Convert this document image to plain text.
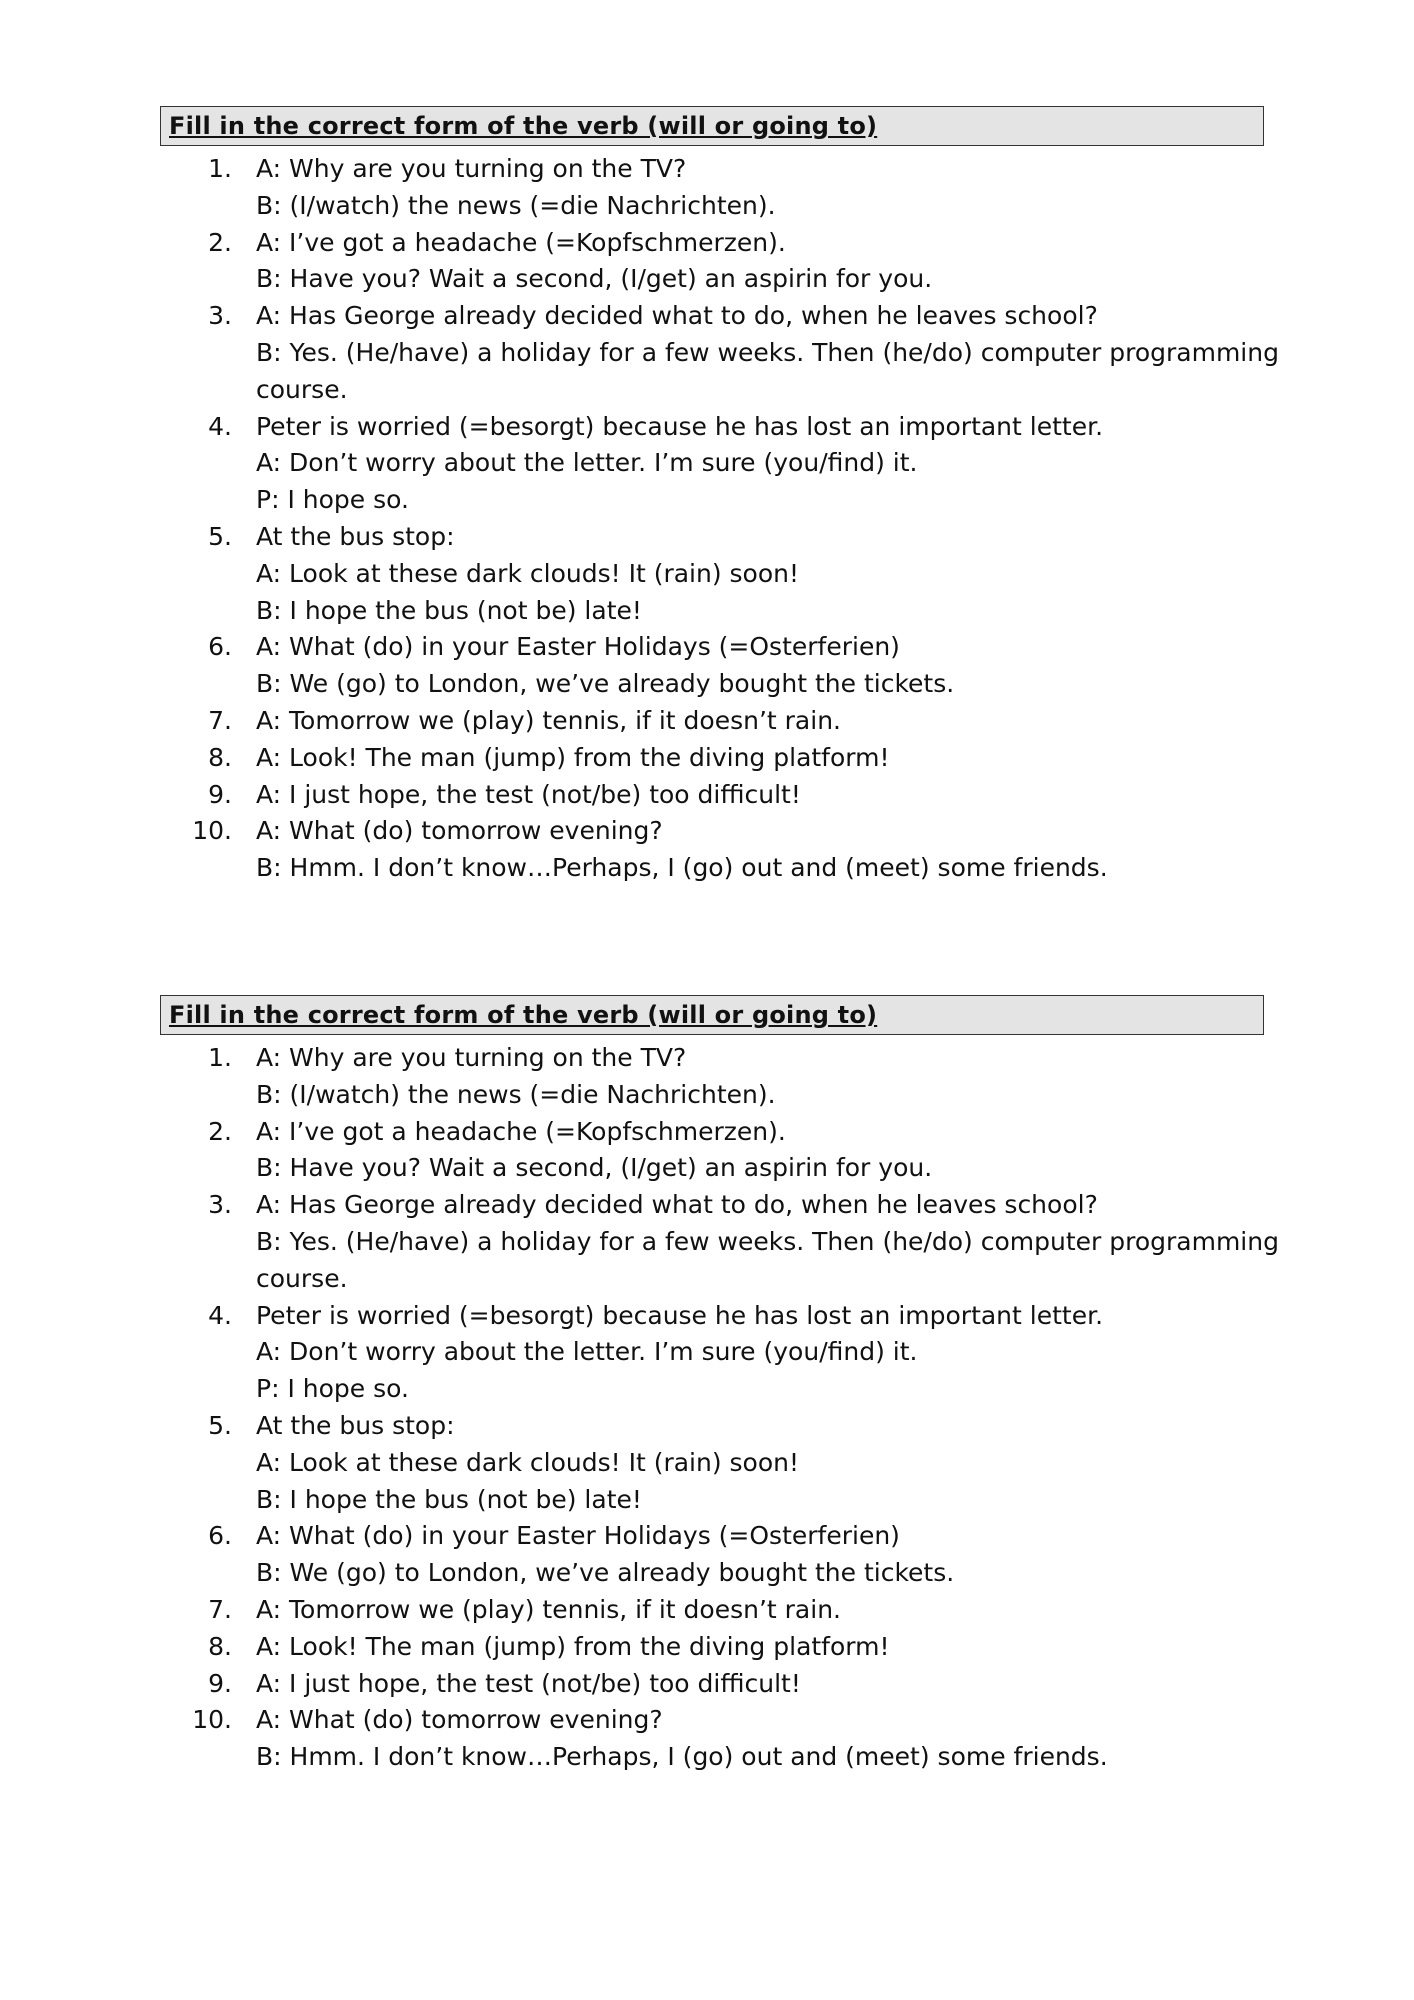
Fill in the correct form of the verb (will or going to)
1. A: Why are you turning on the TV?
B: (I/watch) the news (=die Nachrichten).
2. A: I’ve got a headache (=Kopfschmerzen).
B: Have you? Wait a second, (I/get) an aspirin for you.
3. A: Has George already decided what to do, when he leaves school?
B: Yes. (He/have) a holiday for a few weeks. Then (he/do) computer programming
course.
4. Peter is worried (=besorgt) because he has lost an important letter.
A: Don’t worry about the letter. I’m sure (you/find) it.
P: I hope so.
5. At the bus stop:
A: Look at these dark clouds! It (rain) soon!
B: I hope the bus (not be) late!
6. A: What (do) in your Easter Holidays (=Osterferien)
B: We (go) to London, we’ve already bought the tickets.
7. A: Tomorrow we (play) tennis, if it doesn’t rain.
8. A: Look! The man (jump) from the diving platform!
9. A: I just hope, the test (not/be) too difficult!
10. A: What (do) tomorrow evening?
B: Hmm. I don’t know…Perhaps, I (go) out and (meet) some friends.
Fill in the correct form of the verb (will or going to)
1. A: Why are you turning on the TV?
B: (I/watch) the news (=die Nachrichten).
2. A: I’ve got a headache (=Kopfschmerzen).
B: Have you? Wait a second, (I/get) an aspirin for you.
3. A: Has George already decided what to do, when he leaves school?
B: Yes. (He/have) a holiday for a few weeks. Then (he/do) computer programming
course.
4. Peter is worried (=besorgt) because he has lost an important letter.
A: Don’t worry about the letter. I’m sure (you/find) it.
P: I hope so.
5. At the bus stop:
A: Look at these dark clouds! It (rain) soon!
B: I hope the bus (not be) late!
6. A: What (do) in your Easter Holidays (=Osterferien)
B: We (go) to London, we’ve already bought the tickets.
7. A: Tomorrow we (play) tennis, if it doesn’t rain.
8. A: Look! The man (jump) from the diving platform!
9. A: I just hope, the test (not/be) too difficult!
10. A: What (do) tomorrow evening?
B: Hmm. I don’t know…Perhaps, I (go) out and (meet) some friends.
